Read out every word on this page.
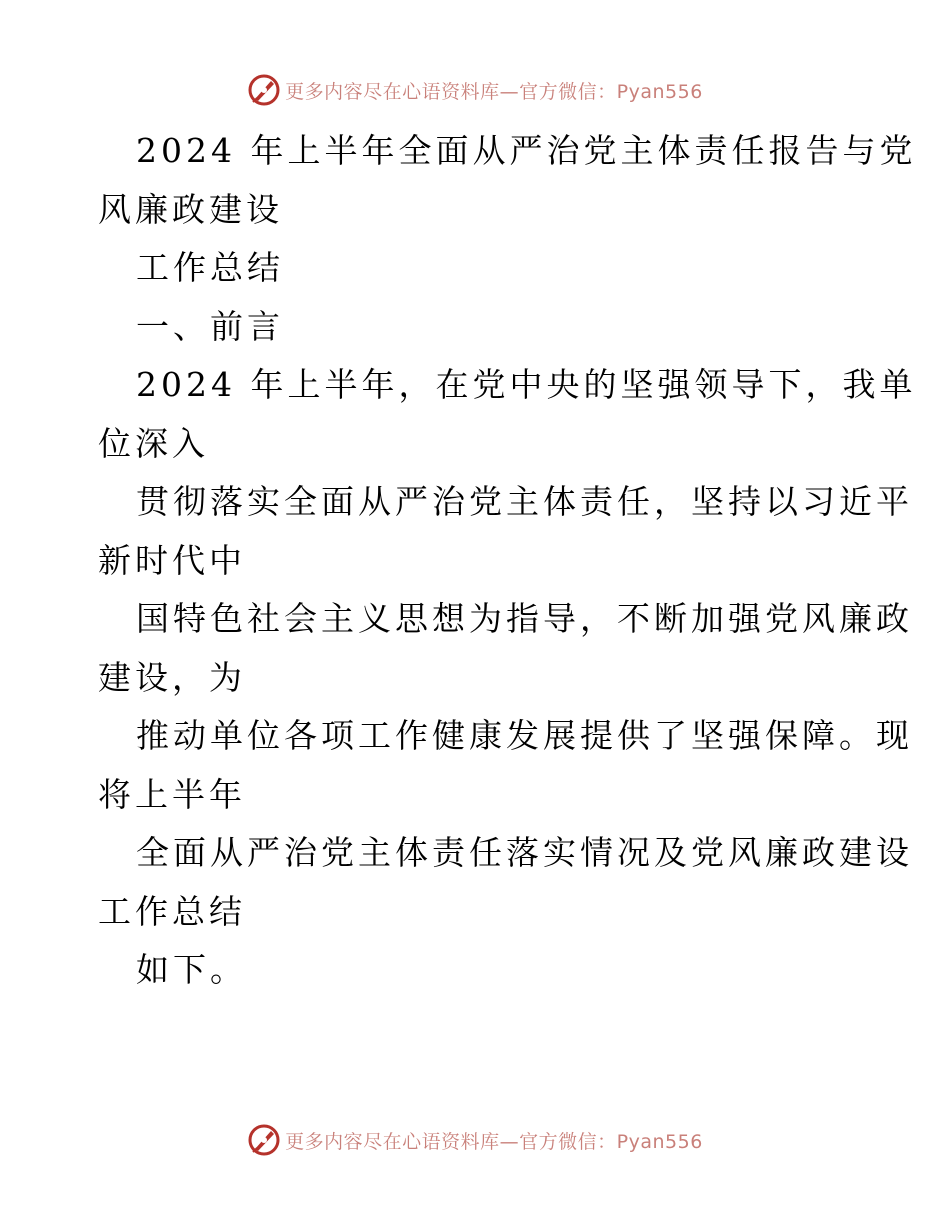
更多内容尽在心语资料库—官方微信：Pyan556
2024 年上半年全面从严治党主体责任报告与党
风廉政建设
工作总结
一、前言
2024 年上半年，在党中央的坚强领导下，我单
位深入
贯彻落实全面从严治党主体责任，坚持以习近平
新时代中
国特色社会主义思想为指导，不断加强党风廉政
建设，为
推动单位各项工作健康发展提供了坚强保障。现
将上半年
全面从严治党主体责任落实情况及党风廉政建设
工作总结
如下。
更多内容尽在心语资料库—官方微信：Pyan556
